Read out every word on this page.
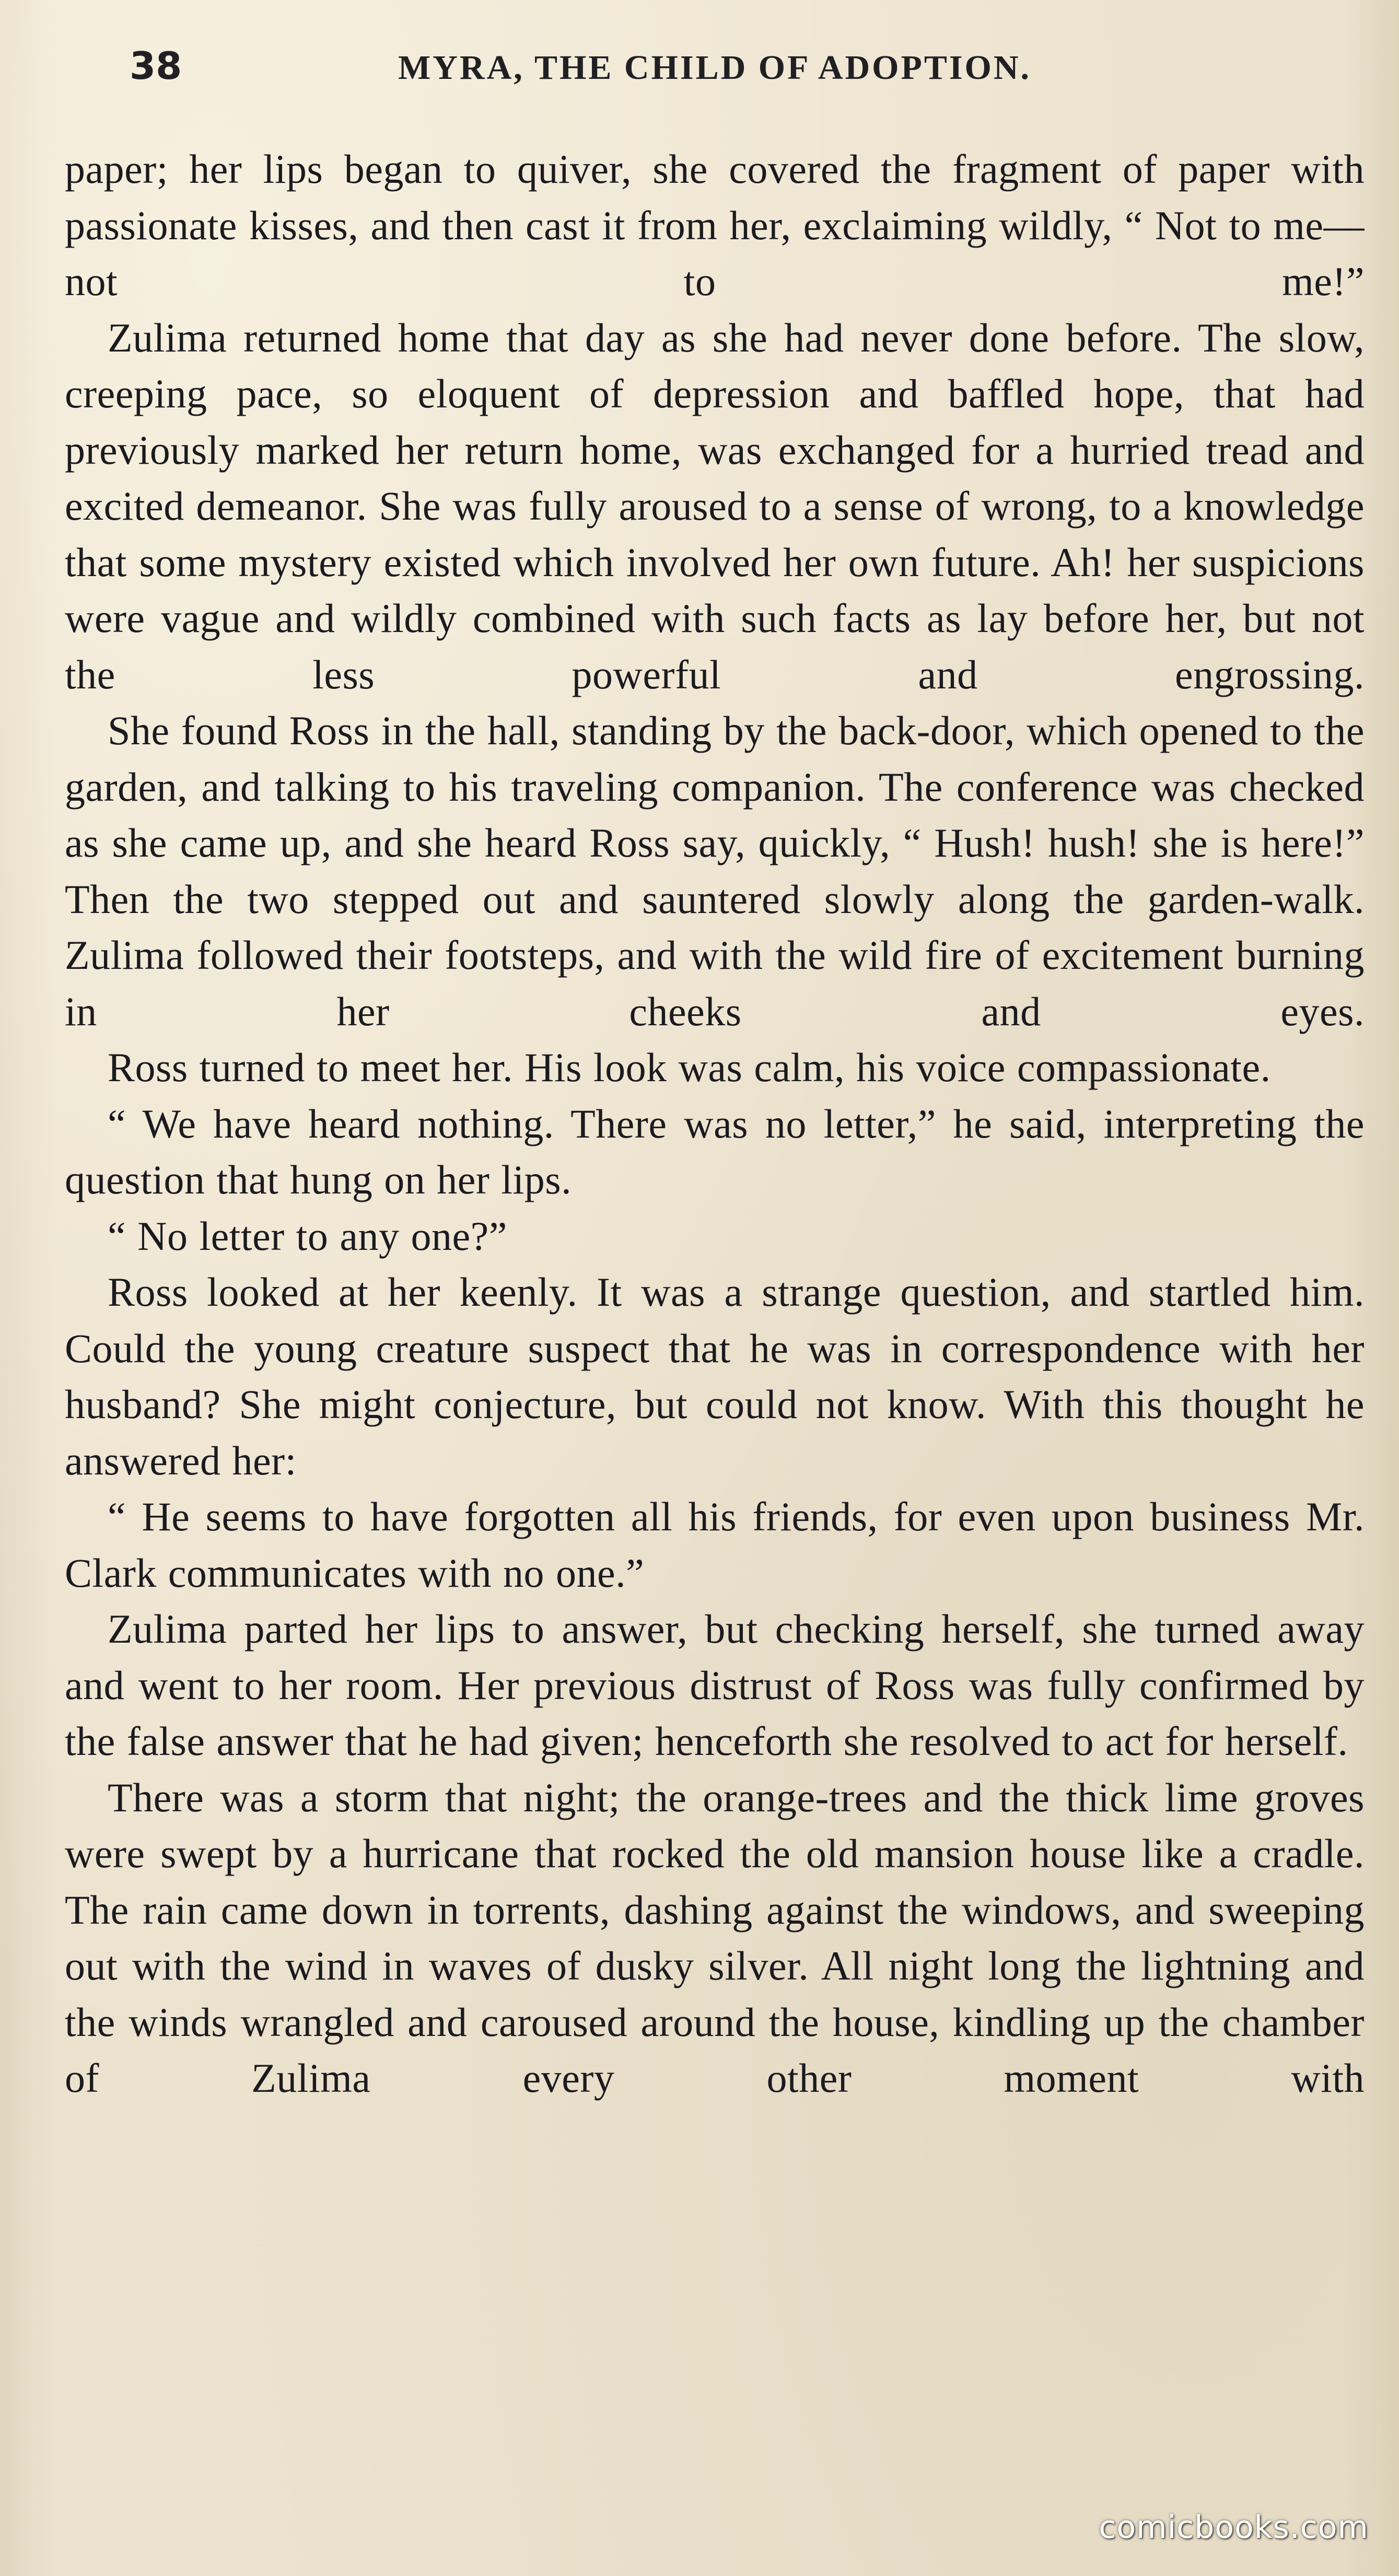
38	MYRA, THE CHILD OF ADOPTION.

paper; her lips began to quiver, she covered the fragment of paper with passionate kisses, and then cast it from her, exclaiming wildly, “ Not to me—not to me!”

Zulima returned home that day as she had never done before. The slow, creeping pace, so eloquent of depression and baffled hope, that had previously marked her return home, was exchanged for a hurried tread and excited demeanor. She was fully aroused to a sense of wrong, to a knowledge that some mystery existed which involved her own future. Ah! her suspicions were vague and wildly combined with such facts as lay before her, but not the less powerful and engrossing.

She found Ross in the hall, standing by the back-door, which opened to the garden, and talking to his traveling companion. The conference was checked as she came up, and she heard Ross say, quickly, “ Hush! hush! she is here!” Then the two stepped out and sauntered slowly along the garden-walk. Zulima followed their footsteps, and with the wild fire of excitement burning in her cheeks and eyes.

Ross turned to meet her. His look was calm, his voice compassionate.

“ We have heard nothing. There was no letter,” he said, interpreting the question that hung on her lips.

“ No letter to any one?”

Ross looked at her keenly. It was a strange question, and startled him. Could the young creature suspect that he was in correspondence with her husband? She might conjecture, but could not know. With this thought he answered her:

“ He seems to have forgotten all his friends, for even upon business Mr. Clark communicates with no one.”

Zulima parted her lips to answer, but checking herself, she turned away and went to her room. Her previous distrust of Ross was fully confirmed by the false answer that he had given; henceforth she resolved to act for herself.

There was a storm that night; the orange-trees and the thick lime groves were swept by a hurricane that rocked the old mansion house like a cradle. The rain came down in torrents, dashing against the windows, and sweeping out with the wind in waves of dusky silver. All night long the lightning and the winds wrangled and caroused around the house, kindling up the chamber of Zulima every other moment with

comicbooks.com
